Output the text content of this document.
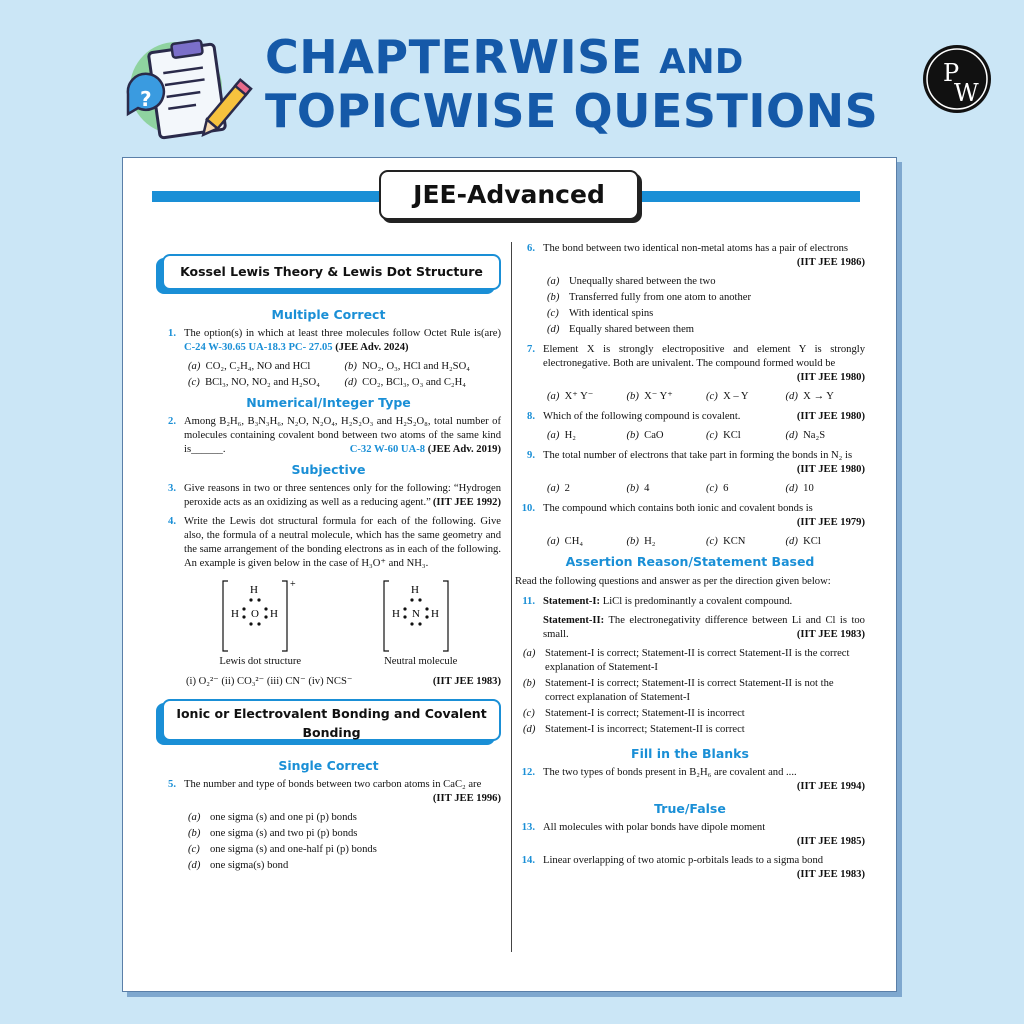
?
CHAPTERWISE AND
TOPICWISE QUESTIONS
P
W
JEE-Advanced
Kossel Lewis Theory & Lewis Dot Structure
Multiple Correct
1. The option(s) in which at least three molecules follow Octet Rule is(are) C-24 W-30.65 UA-18.3 PC- 27.05 (JEE Adv. 2024)
(a) CO₂, C₂H₄, NO and HCl	(b) NO₂, O₃, HCl and H₂SO₄
(c) BCl₃, NO, NO₂ and H₂SO₄	(d) CO₂, BCl₃, O₃ and C₂H₄
Numerical/Integer Type
2. Among B₂H₆, B₃N₃H₆, N₂O, N₂O₄, H₂S₂O₃ and H₂S₂O₈, total number of molecules containing covalent bond between two atoms of the same kind is______.	C-32 W-60 UA-8 (JEE Adv. 2019)
Subjective
3. Give reasons in two or three sentences only for the following: “Hydrogen peroxide acts as an oxidizing as well as a reducing agent.” (IIT JEE 1992)
4. Write the Lewis dot structural formula for each of the following. Give also, the formula of a neutral molecule, which has the same geometry and the same arrangement of the bonding electrons as in each of the following. An example is given below in the case of H₃O⁺ and NH₃.
+
H
H O H
Lewis dot structure
H
H N H
Neutral molecule
(i) O₂²⁻ (ii) CO₃²⁻ (iii) CN⁻ (iv) NCS⁻	(IIT JEE 1983)
Ionic or Electrovalent Bonding and Covalent Bonding
Single Correct
5. The number and type of bonds between two carbon atoms in CaC₂ are
(IIT JEE 1996)
(a) one sigma (s) and one pi (p) bonds
(b) one sigma (s) and two pi (p) bonds
(c) one sigma (s) and one-half pi (p) bonds
(d) one sigma(s) bond
6. The bond between two identical non-metal atoms has a pair of electrons
(IIT JEE 1986)
(a) Unequally shared between the two
(b) Transferred fully from one atom to another
(c) With identical spins
(d) Equally shared between them
7. Element X is strongly electropositive and element Y is strongly electronegative. Both are univalent. The compound formed would be
(IIT JEE 1980)
(a) X⁺ Y⁻	(b) X⁻ Y⁺	(c) X – Y	(d) X → Y
8. Which of the following compound is covalent.	(IIT JEE 1980)
(a) H₂	(b) CaO	(c) KCl	(d) Na₂S
9. The total number of electrons that take part in forming the bonds in N₂ is
(IIT JEE 1980)
(a) 2	(b) 4	(c) 6	(d) 10
10. The compound which contains both ionic and covalent bonds is
(IIT JEE 1979)
(a) CH₄	(b) H₂	(c) KCN	(d) KCl
Assertion Reason/Statement Based
Read the following questions and answer as per the direction given below:
11. Statement-I: LiCl is predominantly a covalent compound.
Statement-II: The electronegativity difference between Li and Cl is too small.	(IIT JEE 1983)
(a) Statement-I is correct; Statement-II is correct Statement-II is the correct explanation of Statement-I
(b) Statement-I is correct; Statement-II is correct Statement-II is not the correct explanation of Statement-I
(c) Statement-I is correct; Statement-II is incorrect
(d) Statement-I is incorrect; Statement-II is correct
Fill in the Blanks
12. The two types of bonds present in B₂H₆ are covalent and ....

(IIT JEE 1994)
True/False
13. All molecules with polar bonds have dipole moment

(IIT JEE 1985)
14. Linear overlapping of two atomic p-orbitals leads to a sigma bond

(IIT JEE 1983)
